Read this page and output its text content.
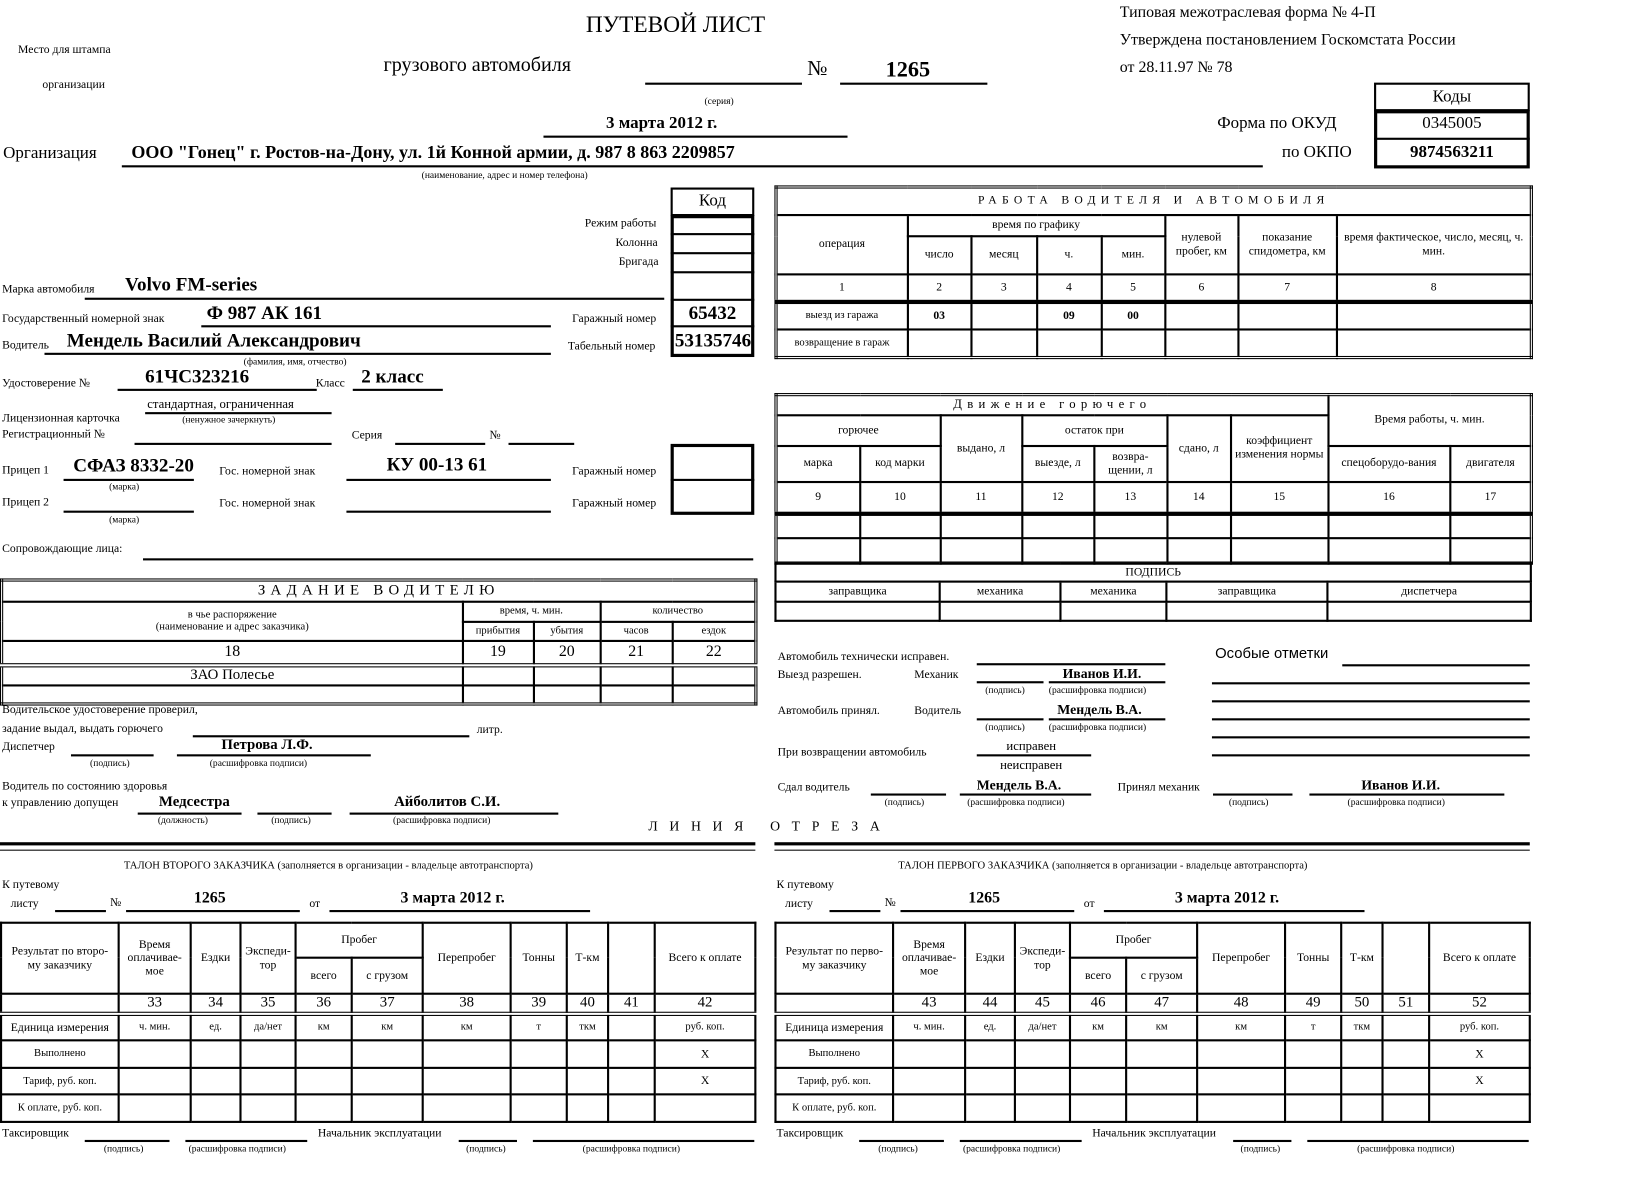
Место для штампа
организации
ПУТЕВОЙ ЛИСТ
грузового автомобиля	№	1265
(серия)
3 марта 2012 г.
Типовая межотраслевая форма № 4-П
Утверждена постановлением Госкомстата России
от 28.11.97 № 78
Коды
0345005
9874563211
Форма по ОКУД
по ОКПО
Организация ООО "Гонец" г. Ростов-на-Дону, ул. 1й Конной армии, д. 987 8 863 2209857
(наименование, адрес и номер телефона)
Код
Режим работы
Колонна
Бригада
Гаражный номер	65432
Табельный номер 53135746
Марка автомобиля Volvo FM-series
Государственный номерной знак Ф 987 АК 161
Водитель Мендель Василий Александрович
(фамилия, имя, отчество)
Удостоверение №	61ЧС323216	Класс 2 класс
стандартная, ограниченная
(ненужное зачеркнуть)
Лицензионная карточка
Регистрационный №	Серия	№
Прицеп 1	СФАЗ 8332-20
(марка)
Гос. номерной знак	КУ 00-13 61	Гаражный номер
Прицеп 2
(марка)
Гос. номерной знак	Гаражный номер
Сопровождающие лица:
РАБОТА ВОДИТЕЛЯ И АВТОМОБИЛЯ							
операция	время по графику				нулевой пробег, км	показание спидометра, км	время фактическое, число, месяц, ч. мин.
	число	месяц	ч.	мин.			
1	2	3	4	5	6	7	8
выезд из гаража	03		09	00			
возвращение в гараж							
Движение горючего							Время работы, ч. мин.	
горючее		выдано, л	остаток при		сдано, л	коэффициент изменения нормы		
марка	код марки		выезде, л	возвра-щении, л			спецоборудо-вания	двигателя
9	10	11	12	13	14	15	16	17

ПОДПИСЬ				
заправщика	механика	механика	заправщика	диспетчера

ЗАДАНИЕ ВОДИТЕЛЮ				

в чье распоряжение
(наименование и адрес заказчика)	время, ч. мин.		количество	
	прибытия	убытия	часов	ездок
18	19	20	21	22
ЗАО Полесье				

Водительское удостоверение проверил,
задание выдал, выдать горючего	литр.
Диспетчер	Петрова Л.Ф.
(подпись)	(расшифровка подписи)
Водитель по состоянию здоровья
к управлению допущен	Медсестра	Айболитов С.И.
(должность)	(подпись)	(расшифровка подписи)
Автомобиль технически исправен.
Выезд разрешен.	Механик	Иванов И.И.
(подпись)	(расшифровка подписи)
Автомобиль принял.	Водитель	Мендель В.А.
(подпись)	(расшифровка подписи)
При возвращении автомобиль	исправен
неисправен
Сдал водитель	Мендель В.А.	Принял механик	Иванов И.И.
(подпись)	(расшифровка подписи)	(подпись)	(расшифровка подписи)
Особые отметки
ЛИНИЯ ОТРЕЗА
ТАЛОН ВТОРОГО ЗАКАЗЧИКА (заполняется в организации - владельце автотранспорта)
К путевому
листу	№	1265	от	3 марта 2012 г.
Результат по второ-му заказчику	Время оплачивае-мое	Ездки	Экспеди-тор	Пробег		Перепробег	Тонны	Т-км		Всего к оплате
				всего	с грузом					
	33	34	35	36	37	38	39	40	41	42
Единица измерения	ч. мин.	ед.	да/нет	км	км	км	т	ткм		руб. коп.
Выполнено										X
Тариф, руб. коп.										X
К оплате, руб. коп.										
Таксировщик	Начальник эксплуатации
(подпись)	(расшифровка подписи)	(подпись)	(расшифровка подписи)
ТАЛОН ПЕРВОГО ЗАКАЗЧИКА (заполняется в организации - владельце автотранспорта)
К путевому
листу	№	1265	от	3 марта 2012 г.
Результат по перво-му заказчику	Время оплачивае-мое	Ездки	Экспеди-тор	Пробег		Перепробег	Тонны	Т-км		Всего к оплате
				всего	с грузом					
	43	44	45	46	47	48	49	50	51	52
Единица измерения	ч. мин.	ед.	да/нет	км	км	км	т	ткм		руб. коп.
Выполнено										X
Тариф, руб. коп.										X
К оплате, руб. коп.										
Таксировщик	Начальник эксплуатации
(подпись)	(расшифровка подписи)	(подпись)	(расшифровка подписи)
